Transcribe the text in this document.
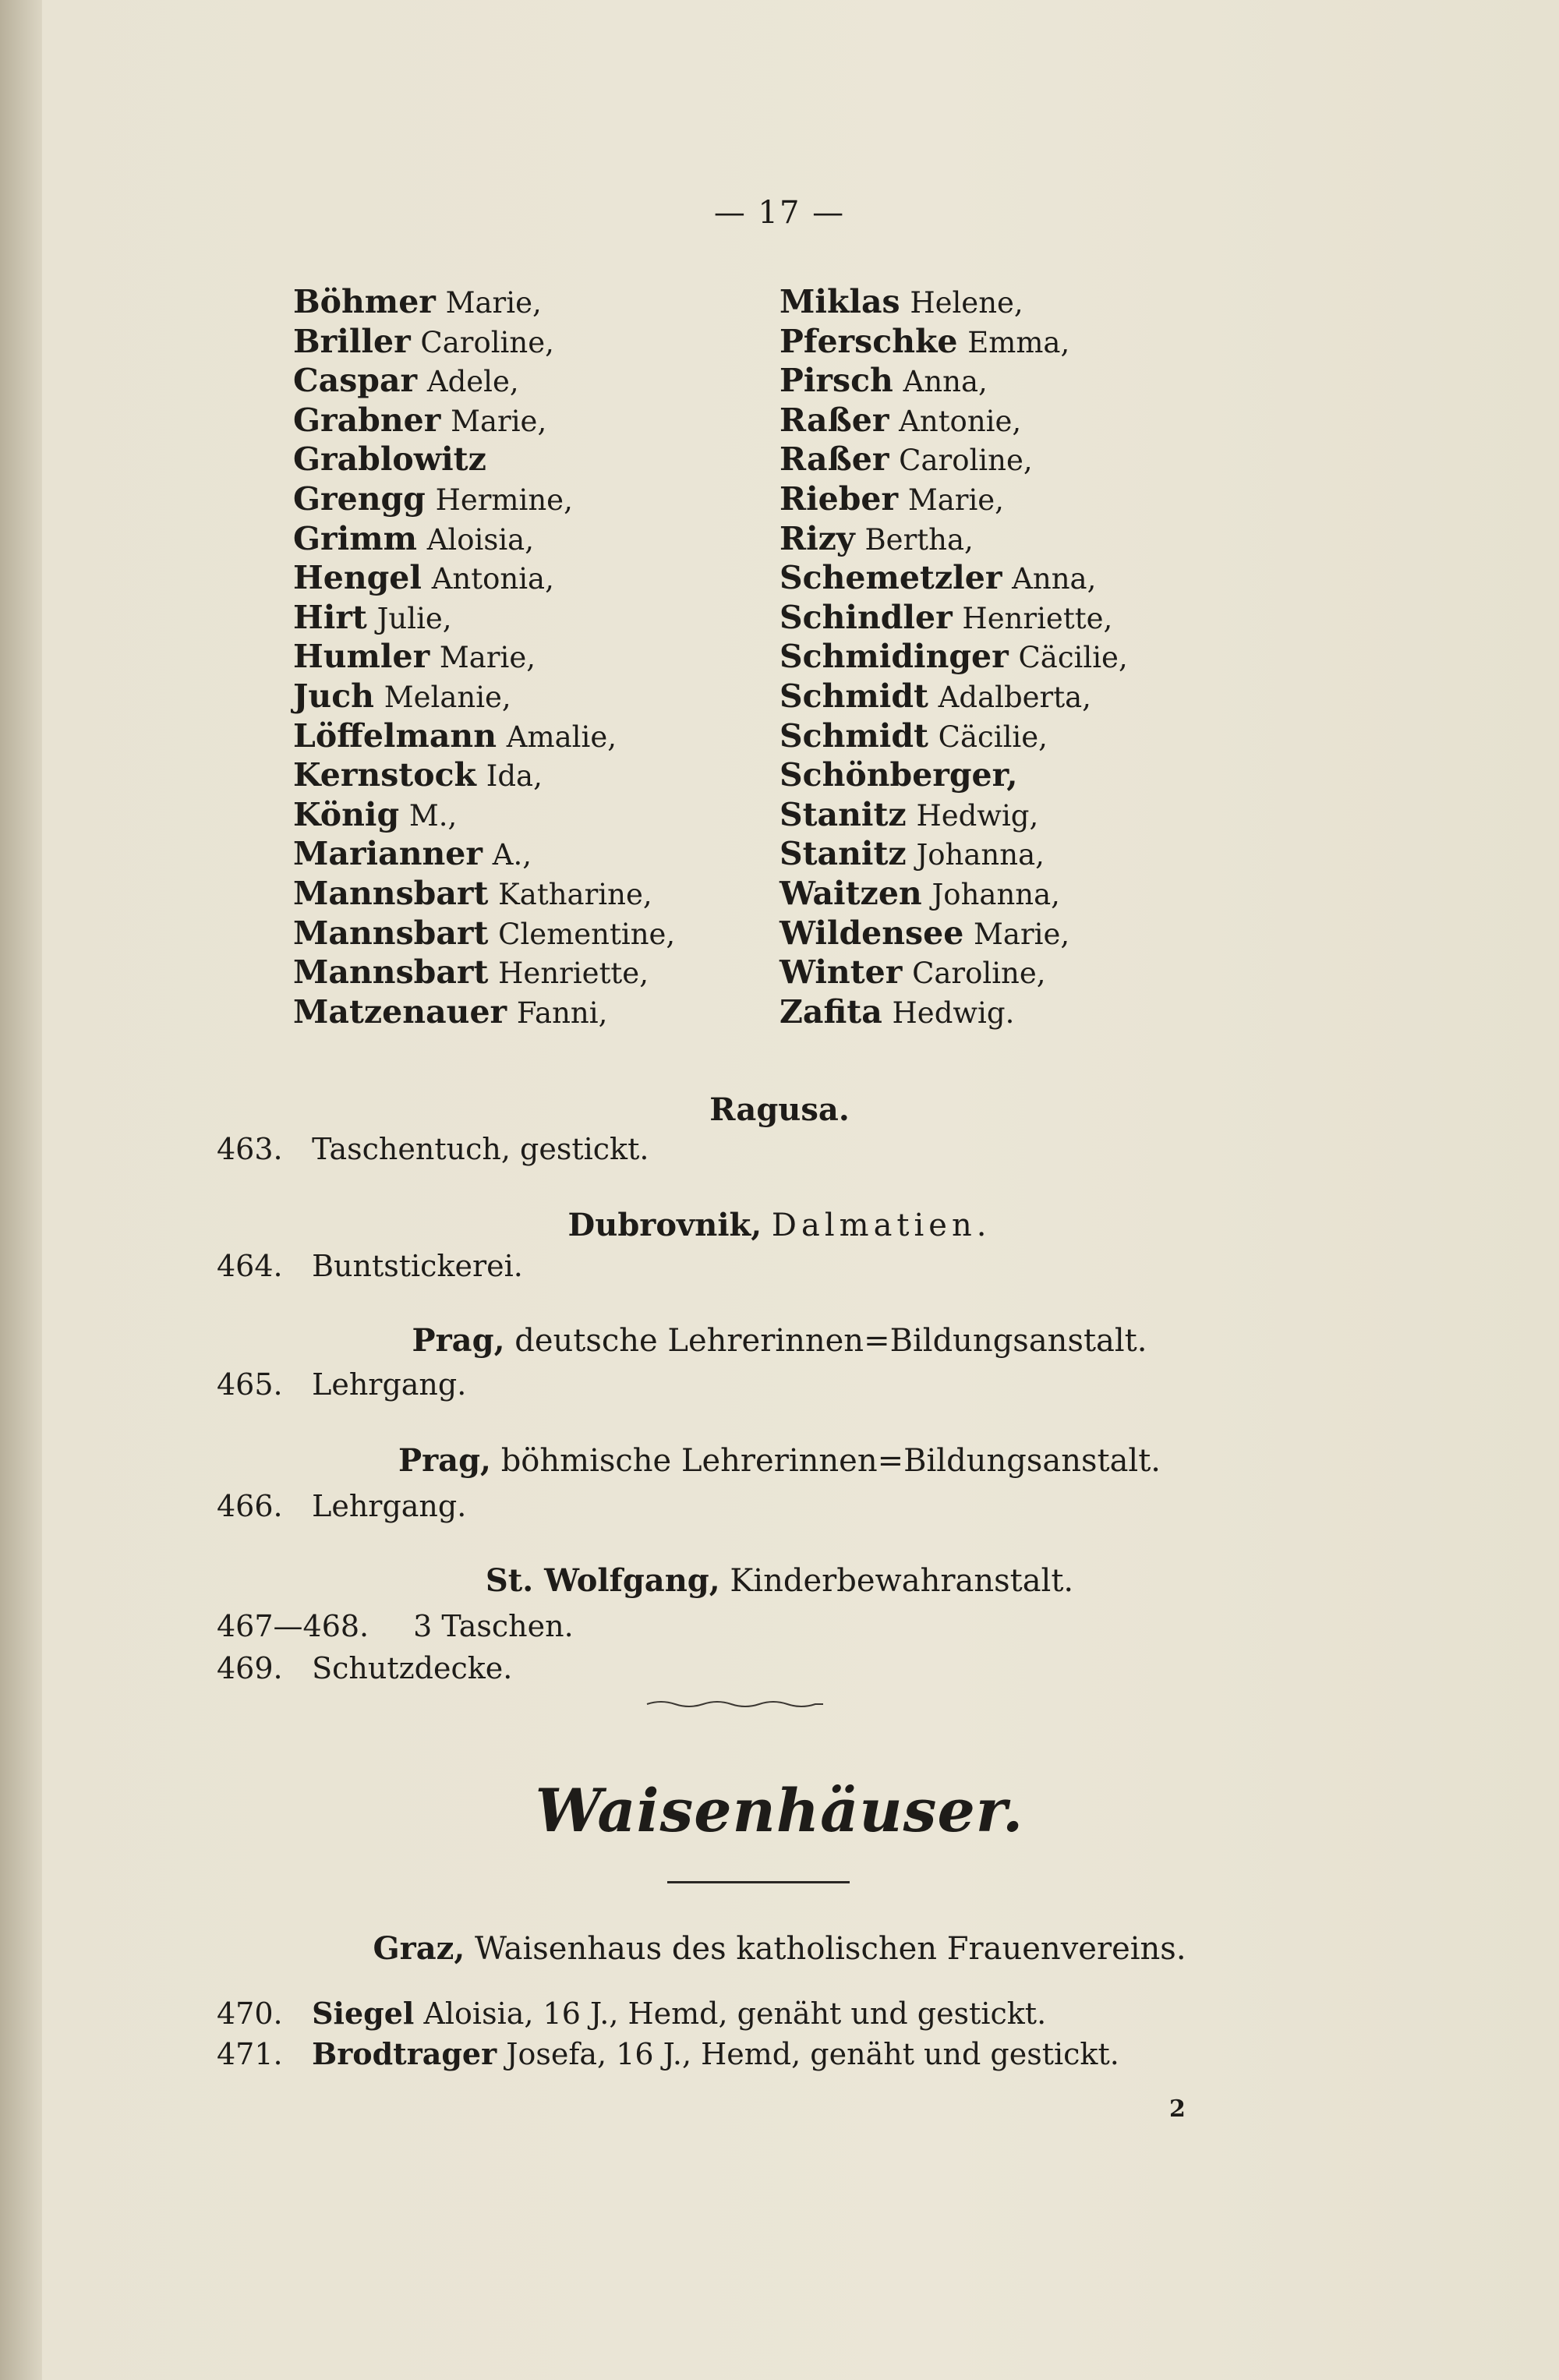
— 17 —
Böhmer Marie,
Briller Caroline,
Caspar Adele,
Grabner Marie,
Grablowitz
Grengg Hermine,
Grimm Aloisia,
Hengel Antonia,
Hirt Julie,
Humler Marie,
Juch Melanie,
Löffelmann Amalie,
Kernstock Ida,
König M.,
Marianner A.,
Mannsbart Katharine,
Mannsbart Clementine,
Mannsbart Henriette,
Matzenauer Fanni,
Miklas Helene,
Pferschke Emma,
Pirsch Anna,
Raßer Antonie,
Raßer Caroline,
Rieber Marie,
Rizy Bertha,
Schemetzler Anna,
Schindler Henriette,
Schmidinger Cäcilie,
Schmidt Adalberta,
Schmidt Cäcilie,
Schönberger,
Stanitz Hedwig,
Stanitz Johanna,
Waitzen Johanna,
Wildensee Marie,
Winter Caroline,
Zafita Hedwig.
Ragusa.
463. Taschentuch, gestickt.
Dubrovnik, Dalmatien.
464. Buntstickerei.
Prag, deutsche Lehrerinnen=Bildungsanstalt.
465. Lehrgang.
Prag, böhmische Lehrerinnen=Bildungsanstalt.
466. Lehrgang.
St. Wolfgang, Kinderbewahranstalt.
467—468. 3 Taschen.
469. Schutzdecke.
Waisenhäuser.
Graz, Waisenhaus des katholischen Frauenvereins.
470. Siegel Aloisia, 16 J., Hemd, genäht und gestickt.
471. Brodtrager Josefa, 16 J., Hemd, genäht und gestickt.
2
